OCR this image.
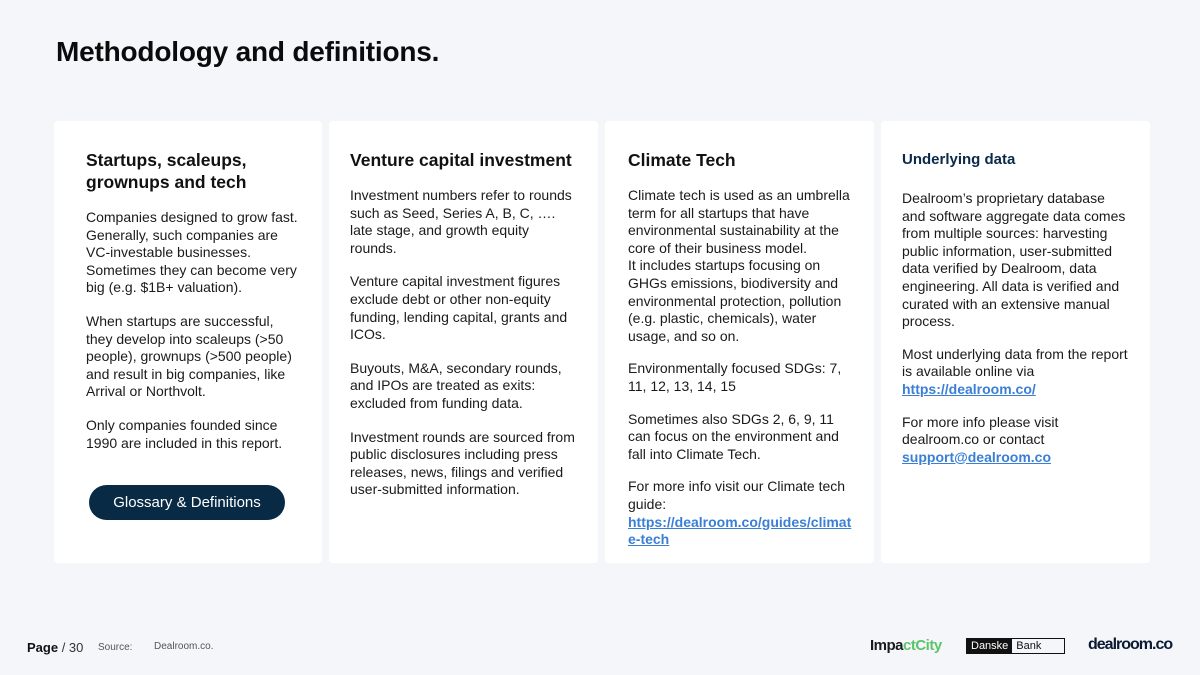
Methodology and definitions.
Startups, scaleups, grownups and tech

Companies designed to grow fast. Generally, such companies are VC-investable businesses. Sometimes they can become very big (e.g. $1B+ valuation).

When startups are successful, they develop into scaleups (>50 people), grownups (>500 people) and result in big companies, like Arrival or Northvolt.

Only companies founded since 1990 are included in this report.

Glossary & Definitions
Venture capital investment

Investment numbers refer to rounds such as Seed, Series A, B, C, …. late stage, and growth equity rounds.

Venture capital investment figures exclude debt or other non-equity funding, lending capital, grants and ICOs.

Buyouts, M&A, secondary rounds, and IPOs are treated as exits: excluded from funding data.

Investment rounds are sourced from public disclosures including press releases, news, filings and verified user-submitted information.

Climate Tech

Climate tech is used as an umbrella term for all startups that have environmental sustainability at the core of their business model.

It includes startups focusing on GHGs emissions, biodiversity and environmental protection, pollution (e.g. plastic, chemicals), water usage, and so on.

Environmentally focused SDGs: 7, 11, 12, 13, 14, 15

Sometimes also SDGs 2, 6, 9, 11 can focus on the environment and fall into Climate Tech.

For more info visit our Climate tech guide:
https://dealroom.co/guides/climate-tech

Underlying data

Dealroom’s proprietary database and software aggregate data comes from multiple sources: harvesting public information, user-submitted data verified by Dealroom, data engineering. All data is verified and curated with an extensive manual process.

Most underlying data from the report is available online via
https://dealroom.co/

For more info please visit dealroom.co or contact
support@dealroom.co

Page / 30 Source: Dealroom.co.	ImpactCity	Danske Bank	dealroom.co
